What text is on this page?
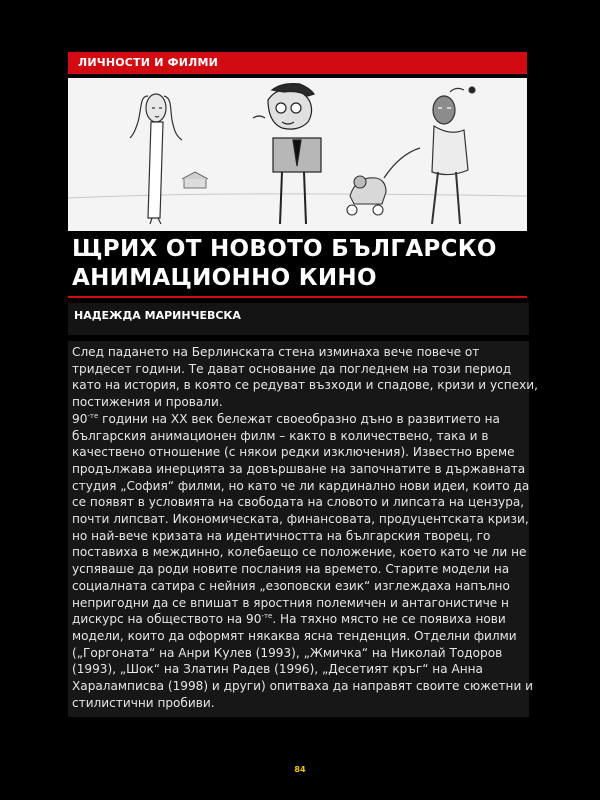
ЛИЧНОСТИ И ФИЛМИ
ЩРИХ ОТ НОВОТО БЪЛГАРСКО
АНИМАЦИОННО КИНО
НАДЕЖДА МАРИНЧЕВСКА
След падането на Берлинската стена изминаха вече повече от
тридесет години. Те дават основание да погледнем на този период
като на история, в която се редуват възходи и спадове, кризи и успехи,
постижения и провали.
$90^{-те}$ години на XX век бележат своеобразно дъно в развитието на
българския анимационен филм – както в количествено, така и в
качествено отношение (с някои редки изключения). Известно време
продължава инерцията за довършване на започнатите в държавната
студия „София“ филми, но като че ли кардинално нови идеи, които да
се появят в условията на свободата на словото и липсата на цензура,
почти липсват. Икономическата, финансовата, продуцентската кризи,
но най-вече кризата на идентичността на българския творец, го
поставиха в междинно, колебаещо се положение, което като че ли не
успяваше да роди новите послания на времето. Старите модели на
социалната сатира с нейния „езоповски език“ изглеждаха напълно
непригодни да се впишат в яростния полемичен и антагонистиче н
дискурс на обществото на $90^{-те}$. На тяхно място не се появиха нови
модели, които да оформят някаква ясна тенденция. Отделни филми
(„Горгоната“ на Анри Кулев (1993), „Жмичка“ на Николай Тодоров
(1993), „Шок“ на Златин Радев (1996), „Десетият кръг“ на Анна
Хараламписва (1998) и други) опитваха да направят своите сюжетни и
стилистични пробиви.
84
